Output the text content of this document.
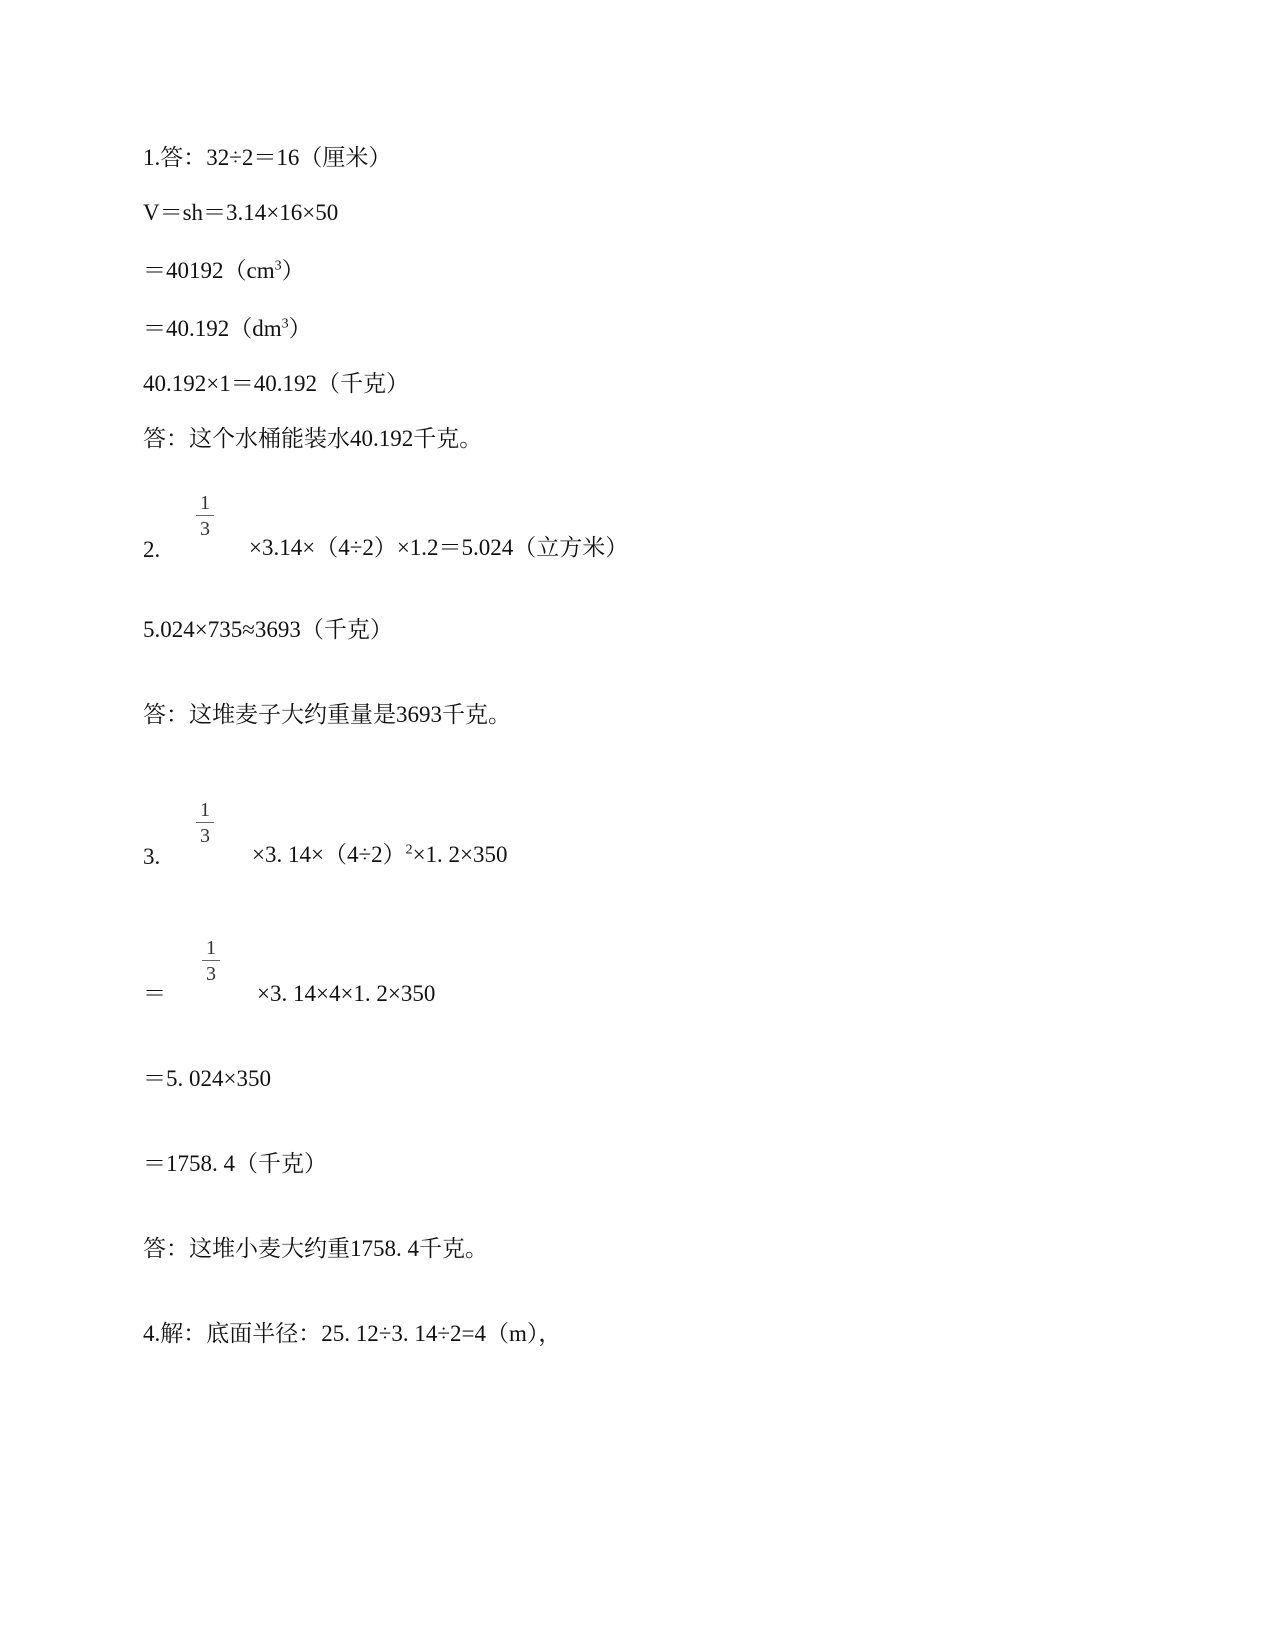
1.答：32÷2＝16（厘米）
V＝sh＝3.14×16×50
$=40192(cm^3)$
$=40.192(dm^3)$
40.192×1＝40.192（千克）
答：这个水桶能装水40.192千克。
2.
1
3
×3.14×（4÷2）×1.2＝5.024（立方米）
5.024×735≈3693（千克）
答：这堆麦子大约重量是3693千克。
3.
1
3
×3. $14\times(4\div 2)^2\times 1$. 2×350
＝
1
3
×3. 14×4×1. 2×350
＝5. 024×350
＝1758. 4（千克）
答：这堆小麦大约重1758. 4千克。
4.解：底面半径：25. 12÷3. 14÷2=4（m），
